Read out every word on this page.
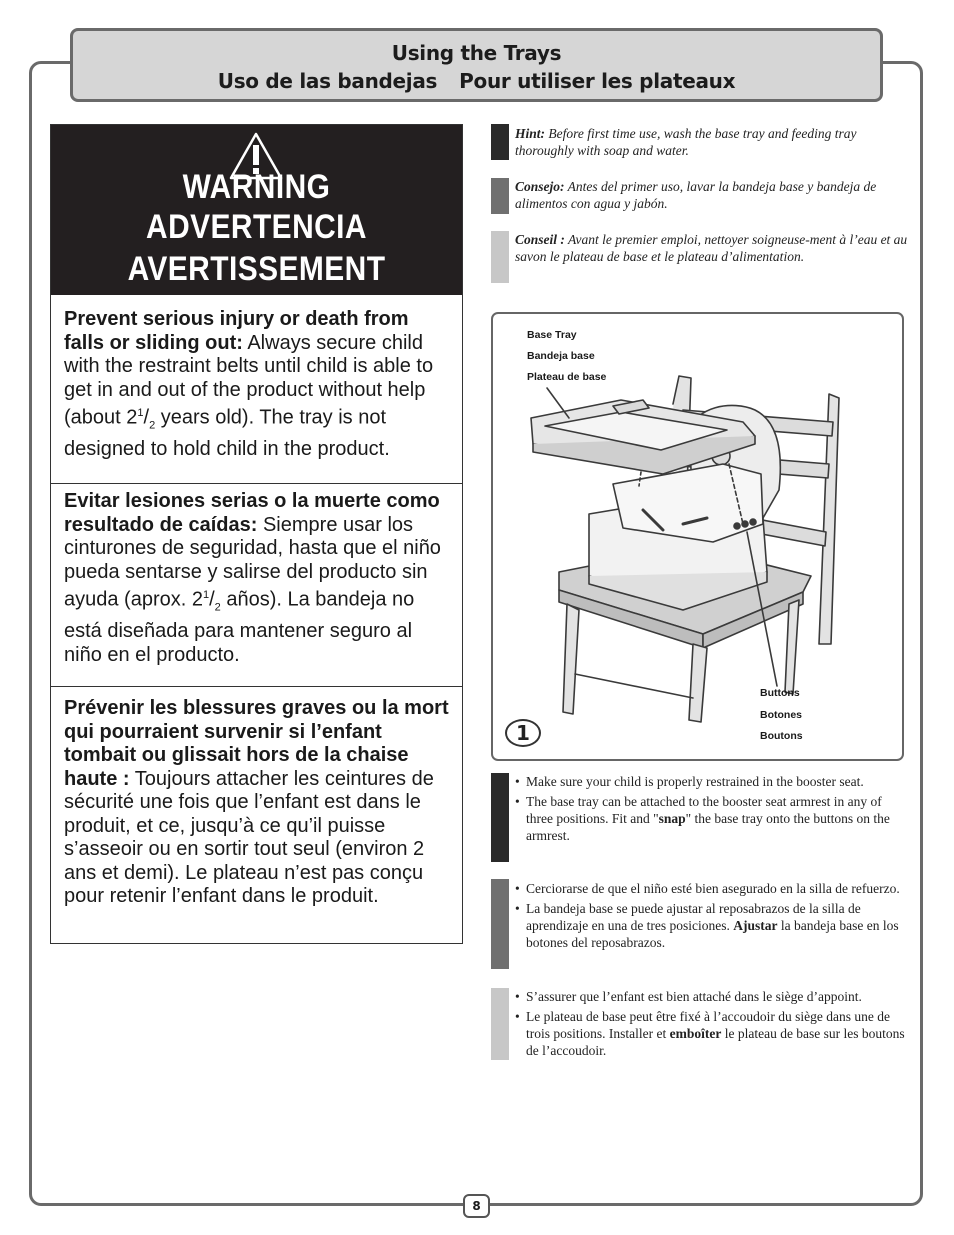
Using the Trays
Uso de las bandejas Pour utiliser les plateaux
WARNING
ADVERTENCIA
AVERTISSEMENT
Prevent serious injury or death from falls or sliding out: Always secure child with the restraint belts until child is able to get in and out of the product without help (about $2^1/_2$ years old). The tray is not designed to hold child in the product.
Evitar lesiones serias o la muerte como resultado de caídas: Siempre usar los cinturones de seguridad, hasta que el niño pueda sentarse y salirse del producto sin ayuda (aprox. $2^1/_2$ años). La bandeja no está diseñada para mantener seguro al niño en el producto.
Prévenir les blessures graves ou la mort qui pourraient survenir si l’enfant tombait ou glissait hors de la chaise haute : Toujours attacher les ceintures de sécurité une fois que l’enfant est dans le produit, et ce, jusqu’à ce qu’il puisse s’asseoir ou en sortir tout seul (environ 2 ans et demi). Le plateau n’est pas conçu pour retenir l’enfant dans le produit.
Hint: Before first time use, wash the base tray and feeding tray thoroughly with soap and water.
Consejo: Antes del primer uso, lavar la bandeja base y bandeja de alimentos con agua y jabón.
Conseil : Avant le premier emploi, nettoyer soigneuse-ment à l’eau et au savon le plateau de base et le plateau d’alimentation.
Base Tray
Bandeja base
Plateau de base
Buttons
Botones
Boutons
1
• Make sure your child is properly restrained in the booster seat.
• The base tray can be attached to the booster seat armrest in any of three positions. Fit and "snap" the base tray onto the buttons on the armrest.
• Cerciorarse de que el niño esté bien asegurado en la silla de refuerzo.
• La bandeja base se puede ajustar al reposabrazos de la silla de aprendizaje en una de tres posiciones. Ajustar la bandeja base en los botones del reposabrazos.
• S’assurer que l’enfant est bien attaché dans le siège d’appoint.
• Le plateau de base peut être fixé à l’accoudoir du siège dans une de trois positions. Installer et emboîter le plateau de base sur les boutons de l’accoudoir.
8
